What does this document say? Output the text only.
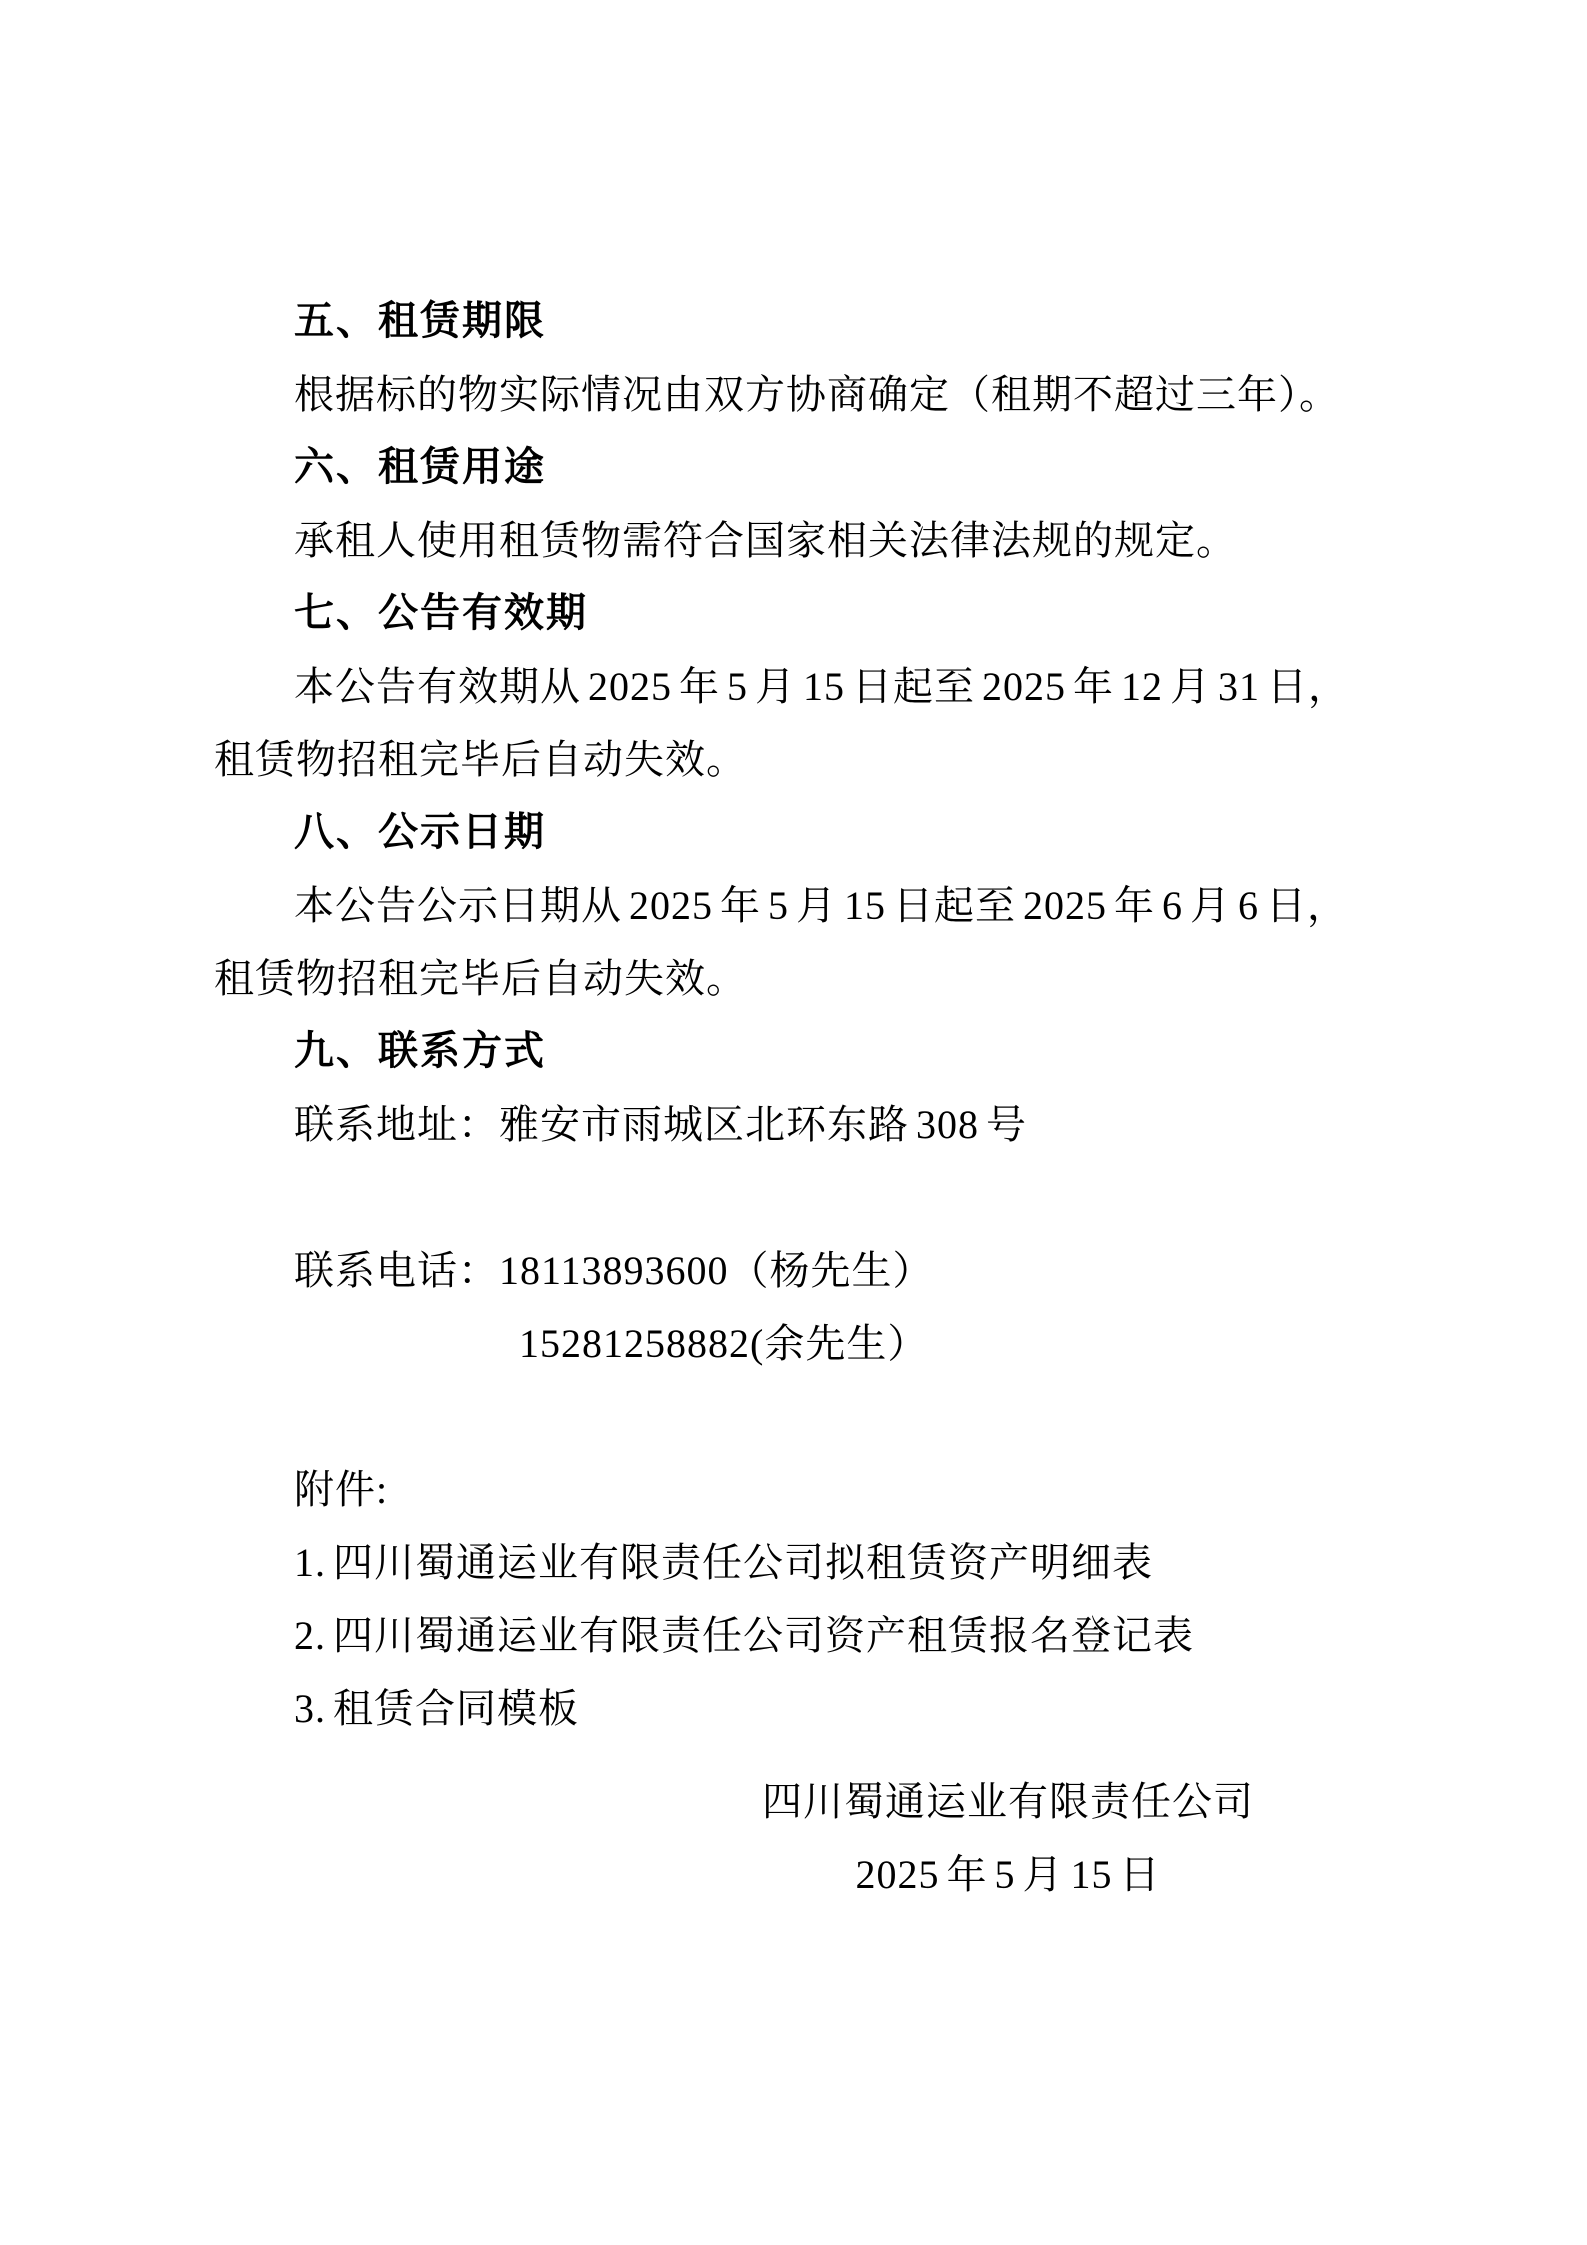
五、租赁期限

根据标的物实际情况由双方协商确定（租期不超过三年）。

六、租赁用途

承租人使用租赁物需符合国家相关法律法规的规定。

七、公告有效期

本公告有效期从 2025 年 5 月 15 日起至 2025 年 12 月 31 日，租赁物招租完毕后自动失效。

八、公示日期

本公告公示日期从 2025 年 5 月 15 日起至 2025 年 6 月 6 日，租赁物招租完毕后自动失效。

九、联系方式

联系地址：雅安市雨城区北环东路 308 号

联系电话：18113893600（杨先生）

15281258882(余先生）

附件:

1. 四川蜀通运业有限责任公司拟租赁资产明细表

2. 四川蜀通运业有限责任公司资产租赁报名登记表

3. 租赁合同模板

四川蜀通运业有限责任公司
2025 年 5 月 15 日
